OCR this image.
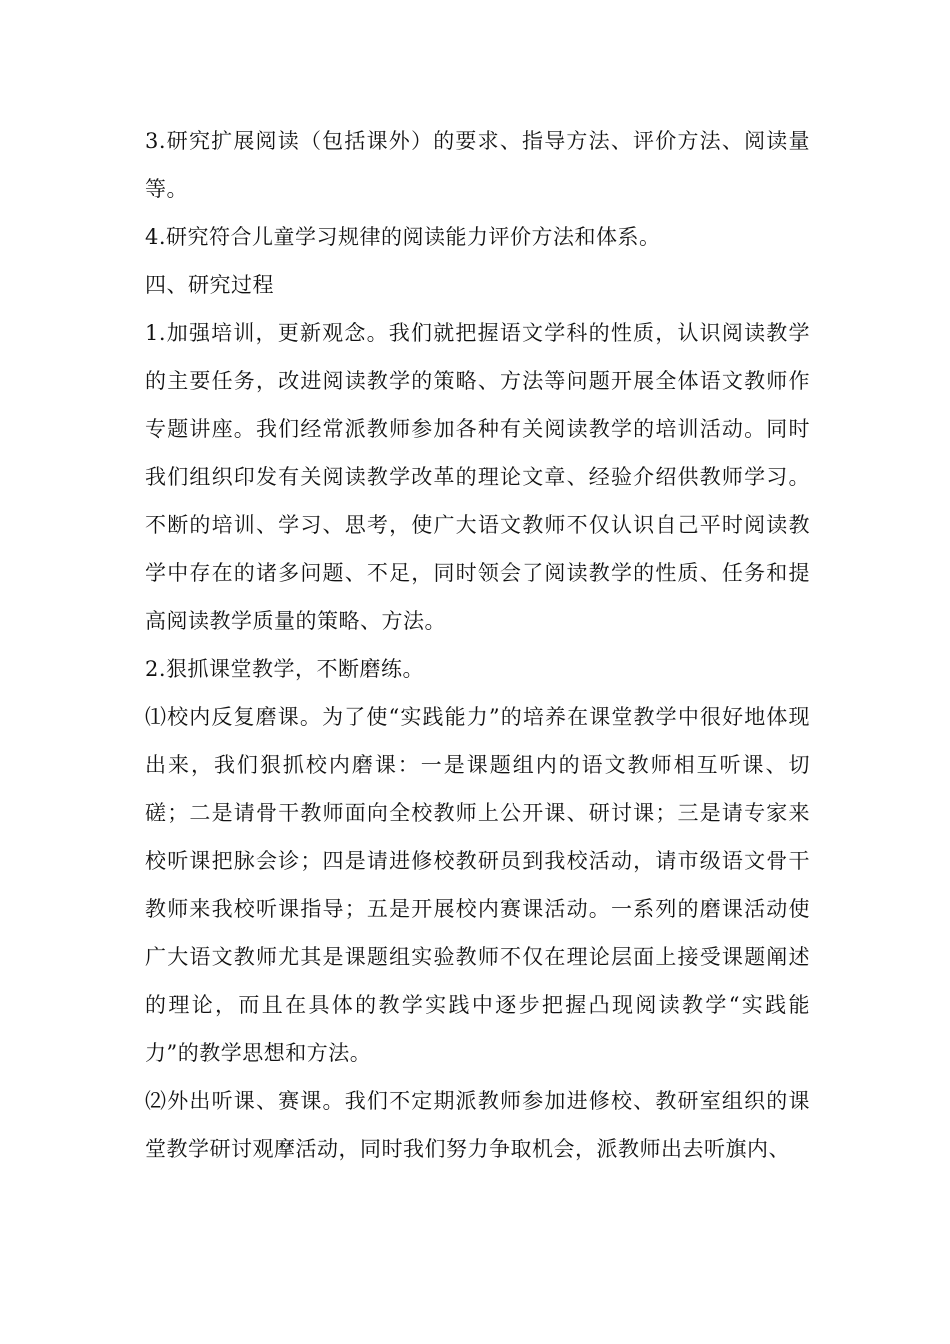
3.研究扩展阅读（包括课外）的要求、指导方法、评价方法、阅读量等。

4.研究符合儿童学习规律的阅读能力评价方法和体系。

四、研究过程

1.加强培训，更新观念。我们就把握语文学科的性质，认识阅读教学的主要任务，改进阅读教学的策略、方法等问题开展全体语文教师作专题讲座。我们经常派教师参加各种有关阅读教学的培训活动。同时我们组织印发有关阅读教学改革的理论文章、经验介绍供教师学习。不断的培训、学习、思考，使广大语文教师不仅认识自己平时阅读教学中存在的诸多问题、不足，同时领会了阅读教学的性质、任务和提高阅读教学质量的策略、方法。

2.狠抓课堂教学，不断磨练。

⑴校内反复磨课。为了使“实践能力”的培养在课堂教学中很好地体现出来，我们狠抓校内磨课：一是课题组内的语文教师相互听课、切磋；二是请骨干教师面向全校教师上公开课、研讨课；三是请专家来校听课把脉会诊；四是请进修校教研员到我校活动，请市级语文骨干教师来我校听课指导；五是开展校内赛课活动。一系列的磨课活动使广大语文教师尤其是课题组实验教师不仅在理论层面上接受课题阐述的理论，而且在具体的教学实践中逐步把握凸现阅读教学“实践能力”的教学思想和方法。

⑵外出听课、赛课。我们不定期派教师参加进修校、教研室组织的课堂教学研讨观摩活动，同时我们努力争取机会，派教师出去听旗内、
